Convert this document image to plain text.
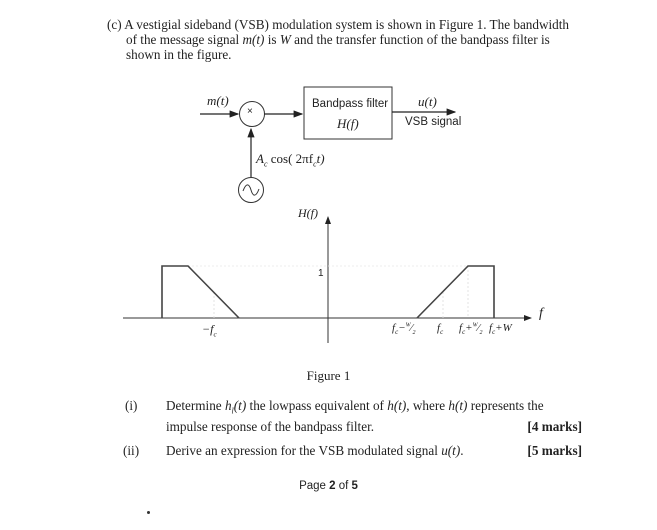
(c) A vestigial sideband (VSB) modulation system is shown in Figure 1. The bandwidth
of the message signal m(t) is W and the transfer function of the bandpass filter is
shown in the figure.
m(t)
×
Bandpass filter
H(f)
u(t)
VSB signal
$A_c$ cos( $2\pi f_ct$)
H(f)
1
f
$-f_c$
$f_c-^W⁄_2$ $f_c$ $f_c+^W⁄_2$ $f_c+W$
Figure 1
(i) Determine $h_l(t)$ the lowpass equivalent of h(t), where h(t) represents the
impulse response of the bandpass filter.	[4 marks]
(ii) Derive an expression for the VSB modulated signal u(t).	[5 marks]
Page 2 of 5
